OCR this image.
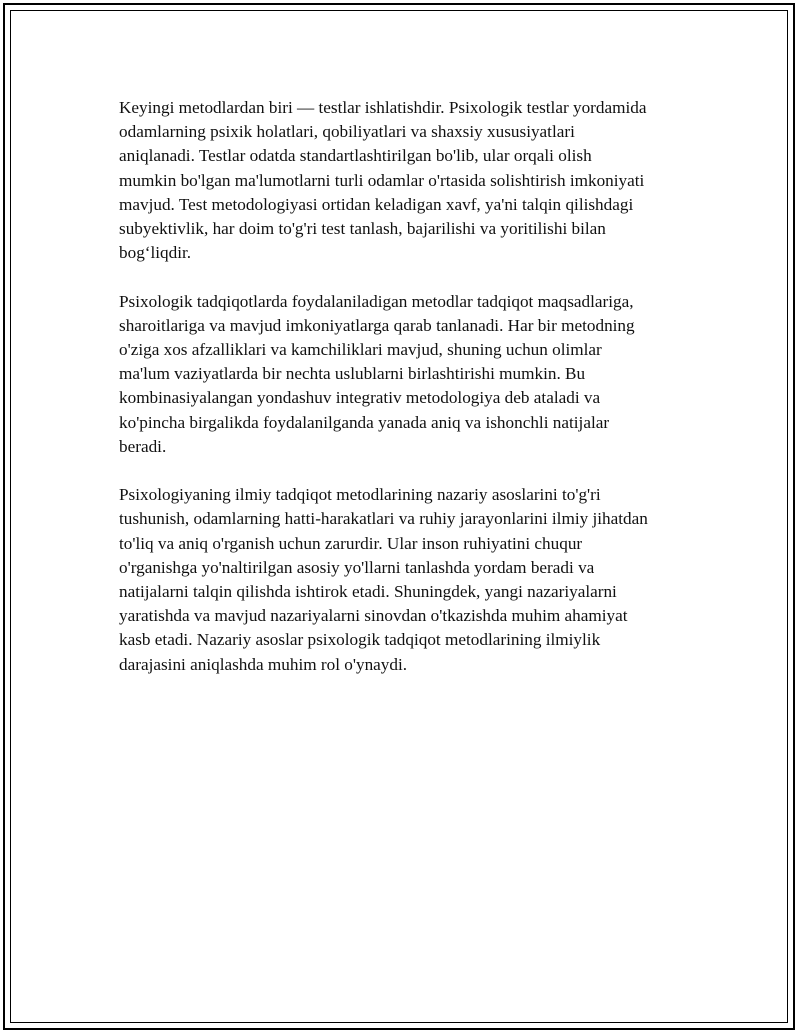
Keyingi metodlardan biri — testlar ishlatishdir. Psixologik testlar yordamida
odamlarning psixik holatlari, qobiliyatlari va shaxsiy xususiyatlari
aniqlanadi. Testlar odatda standartlashtirilgan bo'lib, ular orqali olish
mumkin bo'lgan ma'lumotlarni turli odamlar o'rtasida solishtirish imkoniyati
mavjud. Test metodologiyasi ortidan keladigan xavf, ya'ni talqin qilishdagi
subyektivlik, har doim to'g'ri test tanlash, bajarilishi va yoritilishi bilan
bog‘liqdir.

Psixologik tadqiqotlarda foydalaniladigan metodlar tadqiqot maqsadlariga,
sharoitlariga va mavjud imkoniyatlarga qarab tanlanadi. Har bir metodning
o'ziga xos afzalliklari va kamchiliklari mavjud, shuning uchun olimlar
ma'lum vaziyatlarda bir nechta uslublarni birlashtirishi mumkin. Bu
kombinasiyalangan yondashuv integrativ metodologiya deb ataladi va
ko'pincha birgalikda foydalanilganda yanada aniq va ishonchli natijalar
beradi.

Psixologiyaning ilmiy tadqiqot metodlarining nazariy asoslarini to'g'ri
tushunish, odamlarning hatti-harakatlari va ruhiy jarayonlarini ilmiy jihatdan
to'liq va aniq o'rganish uchun zarurdir. Ular inson ruhiyatini chuqur
o'rganishga yo'naltirilgan asosiy yo'llarni tanlashda yordam beradi va
natijalarni talqin qilishda ishtirok etadi. Shuningdek, yangi nazariyalarni
yaratishda va mavjud nazariyalarni sinovdan o'tkazishda muhim ahamiyat
kasb etadi. Nazariy asoslar psixologik tadqiqot metodlarining ilmiylik
darajasini aniqlashda muhim rol o'ynaydi.
